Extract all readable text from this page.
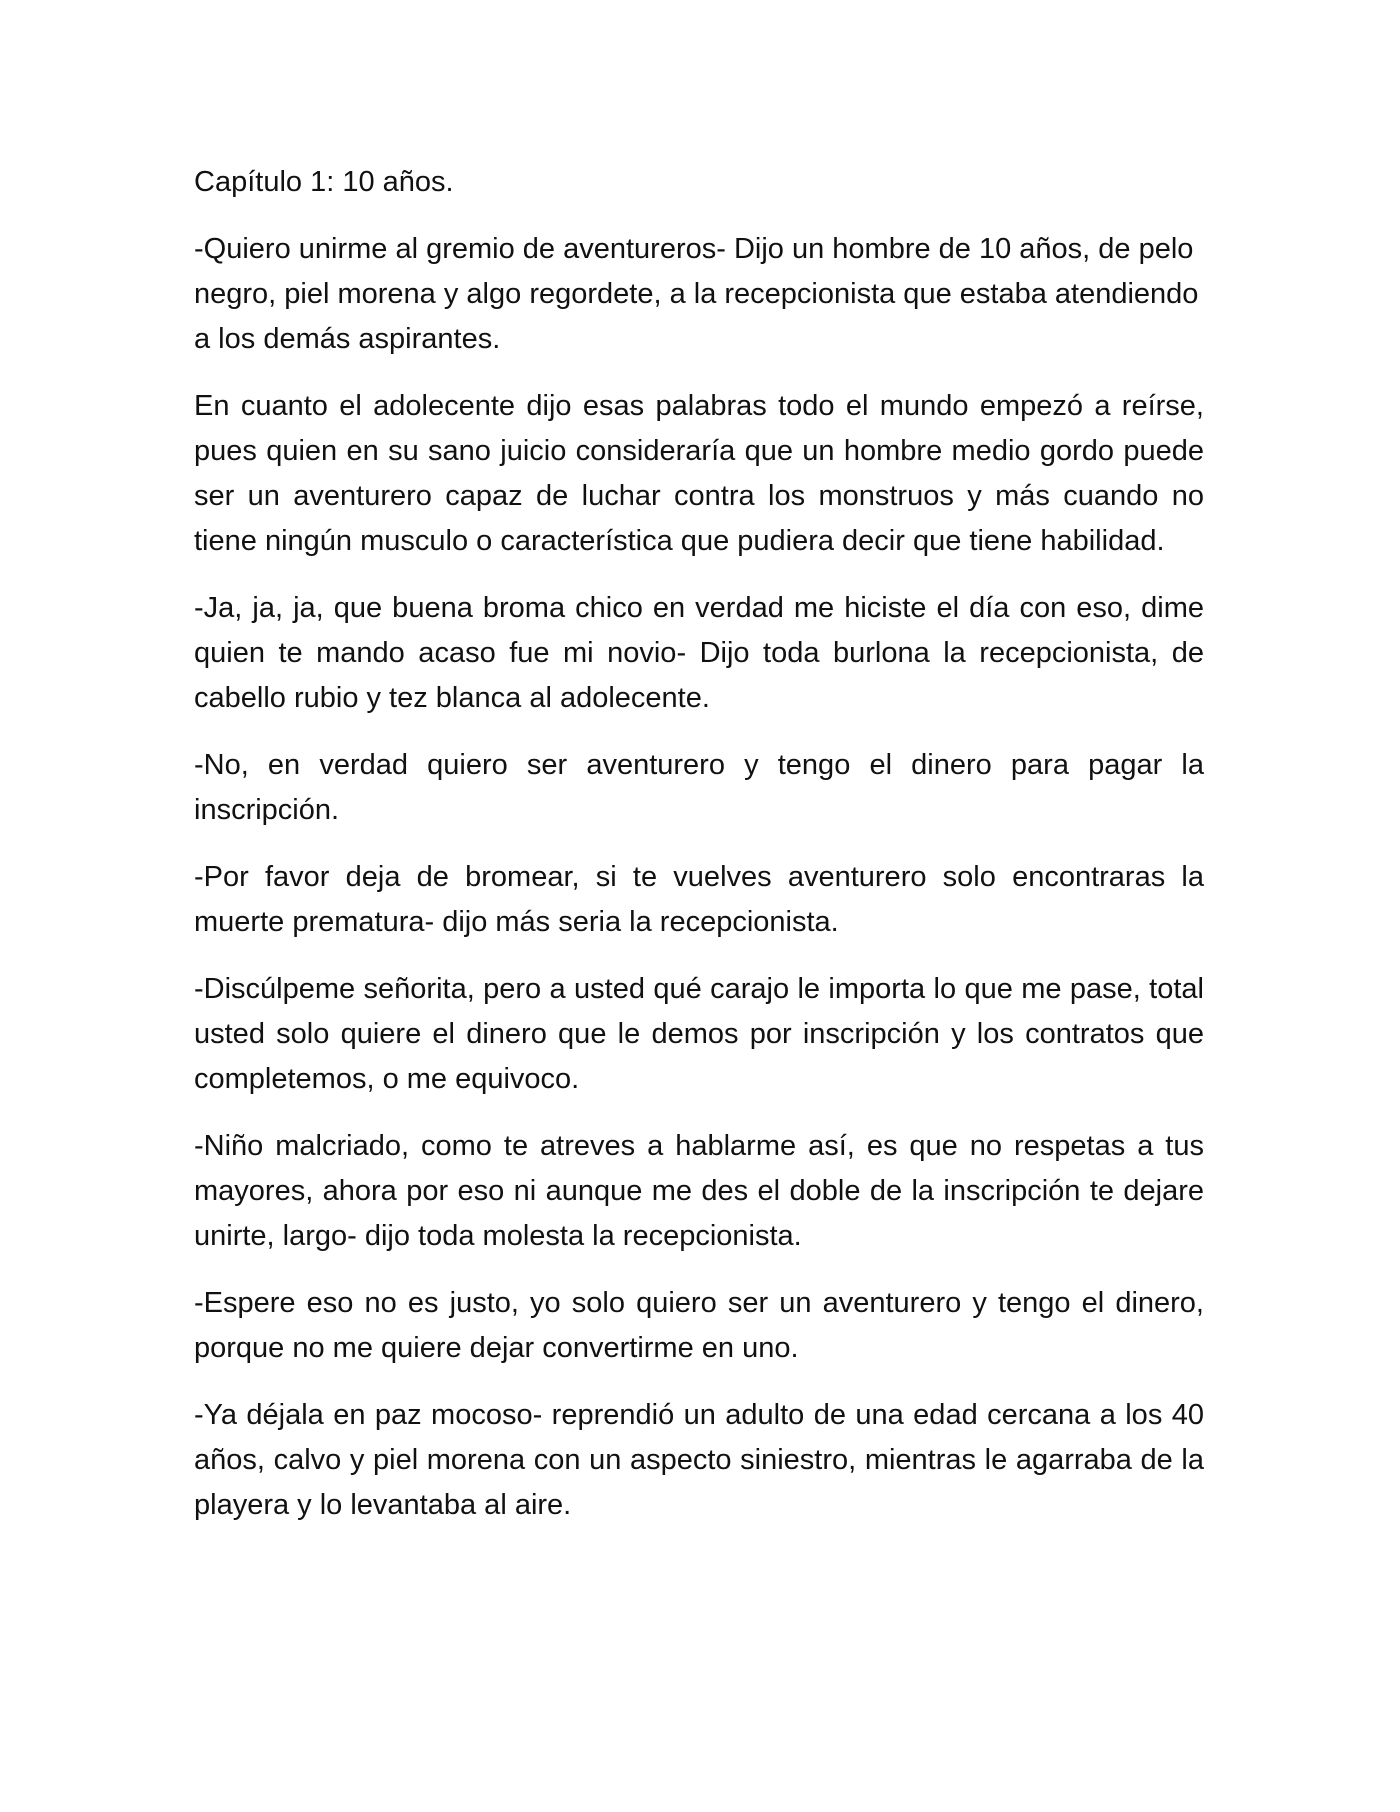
Capítulo 1: 10 años.

-Quiero unirme al gremio de aventureros- Dijo un hombre de 10 años, de pelo negro, piel morena y algo regordete, a la recepcionista que estaba atendiendo a los demás aspirantes.

En cuanto el adolecente dijo esas palabras todo el mundo empezó a reírse, pues quien en su sano juicio consideraría que un hombre medio gordo puede ser un aventurero capaz de luchar contra los monstruos y más cuando no tiene ningún musculo o característica que pudiera decir que tiene habilidad.

-Ja, ja, ja, que buena broma chico en verdad me hiciste el día con eso, dime quien te mando acaso fue mi novio- Dijo toda burlona la recepcionista, de cabello rubio y tez blanca al adolecente.

-No, en verdad quiero ser aventurero y tengo el dinero para pagar la inscripción.

-Por favor deja de bromear, si te vuelves aventurero solo encontraras la muerte prematura- dijo más seria la recepcionista.

-Discúlpeme señorita, pero a usted qué carajo le importa lo que me pase, total usted solo quiere el dinero que le demos por inscripción y los contratos que completemos, o me equivoco.

-Niño malcriado, como te atreves a hablarme así, es que no respetas a tus mayores, ahora por eso ni aunque me des el doble de la inscripción te dejare unirte, largo- dijo toda molesta la recepcionista.

-Espere eso no es justo, yo solo quiero ser un aventurero y tengo el dinero, porque no me quiere dejar convertirme en uno.

-Ya déjala en paz mocoso- reprendió un adulto de una edad cercana a los 40 años, calvo y piel morena con un aspecto siniestro, mientras le agarraba de la playera y lo levantaba al aire.
